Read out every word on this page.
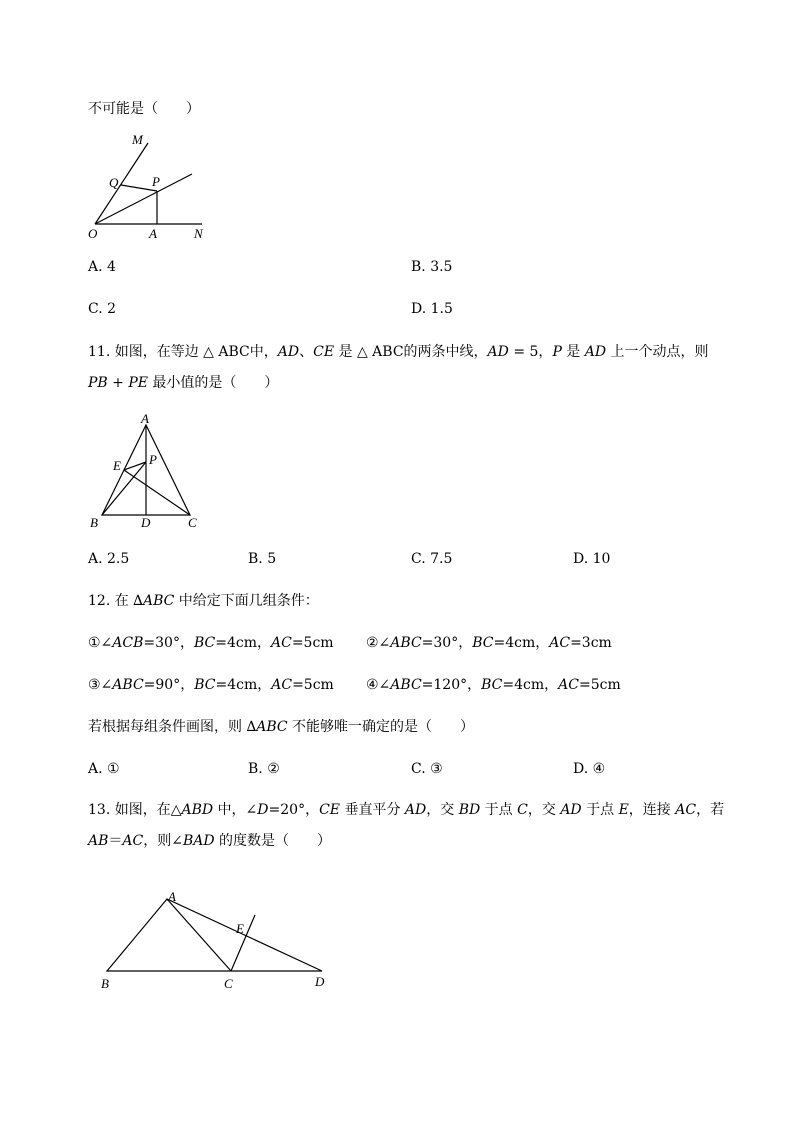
不可能是（　　）
M
Q	P
O	A	N
A. 4	B. 3.5
C. 2	D. 1.5
11. 如图，在等边 △ ABC中，AD、CE 是 △ ABC的两条中线，AD = 5，P 是 AD 上一个动点，则
PB + PE 最小值的是（　　）
A
E P
B	D	C
A. 2.5	B. 5	C. 7.5	D. 10
12. 在 ∆ABC 中给定下面几组条件：
①∠ACB=30°，BC=4cm，AC=5cm ②∠ABC=30°，BC=4cm，AC=3cm
③∠ABC=90°，BC=4cm，AC=5cm ④∠ABC=120°，BC=4cm，AC=5cm
若根据每组条件画图，则 ∆ABC 不能够唯一确定的是（　　）
A. ①	B. ②	C. ③	D. ④
13. 如图，在△ABD 中，∠D=20°，CE 垂直平分 AD，交 BD 于点 C，交 AD 于点 E，连接 AC，若
AB＝AC，则∠BAD 的度数是（　　）
A
E
B	C	D
